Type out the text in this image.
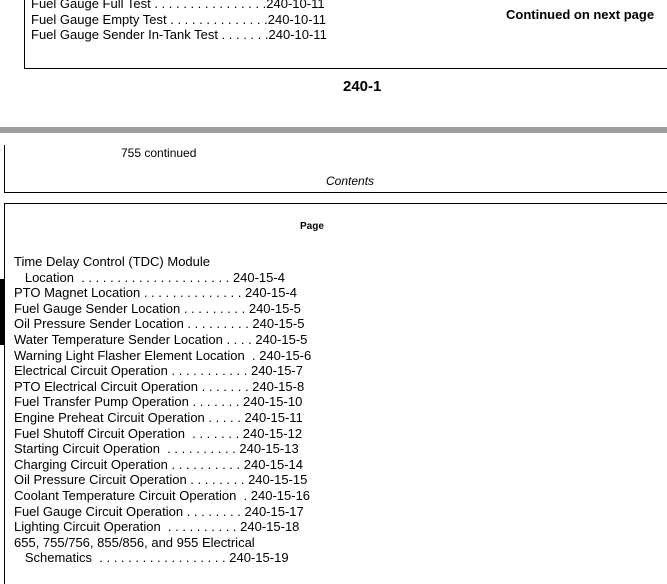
Fuel Gauge Full Test . . . . . . . . . . . . . . . .240-10-11
Fuel Gauge Empty Test . . . . . . . . . . . . . .240-10-11
Fuel Gauge Sender In-Tank Test . . . . . . .240-10-11
Continued on next page
240-1
755 continued
Contents
Page
Time Delay Control (TDC) Module
Location  . . . . . . . . . . . . . . . . . . . . . 240-15-4
PTO Magnet Location . . . . . . . . . . . . . . 240-15-4
Fuel Gauge Sender Location . . . . . . . . . 240-15-5
Oil Pressure Sender Location . . . . . . . . . 240-15-5
Water Temperature Sender Location . . . . 240-15-5
Warning Light Flasher Element Location  . 240-15-6
Electrical Circuit Operation . . . . . . . . . . . 240-15-7
PTO Electrical Circuit Operation . . . . . . . 240-15-8
Fuel Transfer Pump Operation . . . . . . . 240-15-10
Engine Preheat Circuit Operation . . . . . 240-15-11
Fuel Shutoff Circuit Operation  . . . . . . . 240-15-12
Starting Circuit Operation  . . . . . . . . . . 240-15-13
Charging Circuit Operation . . . . . . . . . . 240-15-14
Oil Pressure Circuit Operation . . . . . . . . 240-15-15
Coolant Temperature Circuit Operation  . 240-15-16
Fuel Gauge Circuit Operation . . . . . . . . 240-15-17
Lighting Circuit Operation  . . . . . . . . . . 240-15-18
655, 755/756, 855/856, and 955 Electrical
Schematics  . . . . . . . . . . . . . . . . . . 240-15-19
